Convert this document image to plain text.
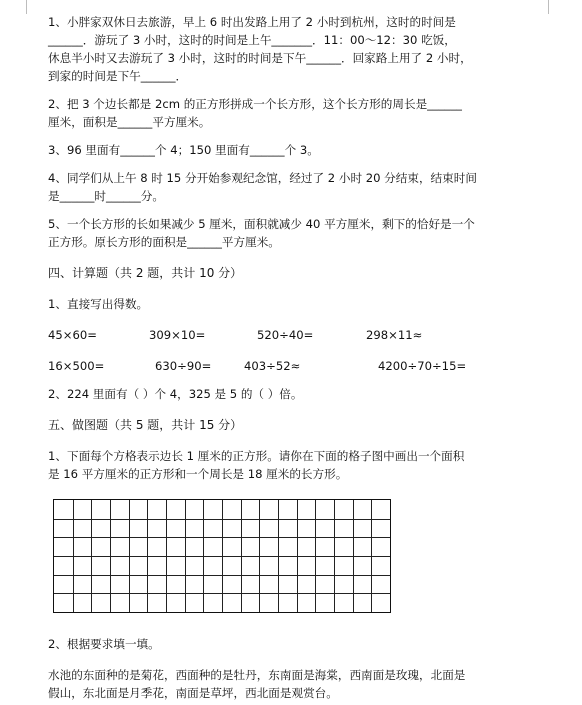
1、小胖家双休日去旅游，早上 6 时出发路上用了 2 小时到杭州，这时的时间是

______．游玩了 3 小时，这时的时间是上午_______．11：00～12：30 吃饭，

休息半小时又去游玩了 3 小时，这时的时间是下午______．回家路上用了 2 小时，

到家的时间是下午______．

2、把 3 个边长都是 2cm 的正方形拼成一个长方形，这个长方形的周长是______

厘米，面积是______平方厘米。

3、96 里面有______个 4；150 里面有______个 3。

4、同学们从上午 8 时 15 分开始参观纪念馆，经过了 2 小时 20 分结束，结束时间

是______时______分。

5、一个长方形的长如果减少 5 厘米，面积就减少 40 平方厘米，剩下的恰好是一个

正方形。原长方形的面积是______平方厘米。

四、计算题（共 2 题，共计 10 分）

1、直接写出得数。

45×60=	309×10=	520÷40=	298×11≈
16×500=	630÷90=	403÷52≈	4200÷70÷15=

2、224 里面有（ ）个 4，325 是 5 的（ ）倍。

五、做图题（共 5 题，共计 15 分）

1、下面每个方格表示边长 1 厘米的正方形。请你在下面的格子图中画出一个面积

是 16 平方厘米的正方形和一个周长是 18 厘米的长方形。

2、根据要求填一填。

水池的东面种的是菊花，西面种的是牡丹，东南面是海棠，西南面是玫瑰，北面是

假山，东北面是月季花，南面是草坪，西北面是观赏台。
